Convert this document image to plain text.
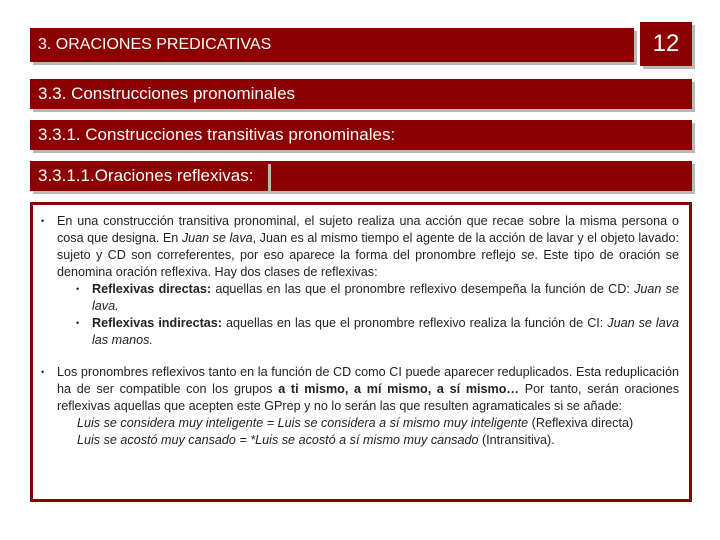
3. ORACIONES PREDICATIVAS	12
3.3. Construcciones pronominales
3.3.1. Construcciones transitivas pronominales:
3.3.1.1.Oraciones reflexivas:
• En una construcción transitiva pronominal, el sujeto realiza una acción que recae sobre la misma persona o cosa que designa. En Juan se lava, Juan es al mismo tiempo el agente de la acción de lavar y el objeto lavado: sujeto y CD son correferentes, por eso aparece la forma del pronombre reflejo se. Este tipo de oración se denomina oración reflexiva. Hay dos clases de reflexivas:
• Reflexivas directas: aquellas en las que el pronombre reflexivo desempeña la función de CD: Juan se lava.
• Reflexivas indirectas: aquellas en las que el pronombre reflexivo realiza la función de CI: Juan se lava las manos.
• Los pronombres reflexivos tanto en la función de CD como CI puede aparecer reduplicados. Esta reduplicación ha de ser compatible con los grupos a ti mismo, a mí mismo, a sí mismo… Por tanto, serán oraciones reflexivas aquellas que acepten este GPrep y no lo serán las que resulten agramaticales si se añade:
Luis se considera muy inteligente = Luis se considera a sí mismo muy inteligente (Reflexiva directa)
Luis se acostó muy cansado = *Luis se acostó a sí mismo muy cansado (Intransitiva).
